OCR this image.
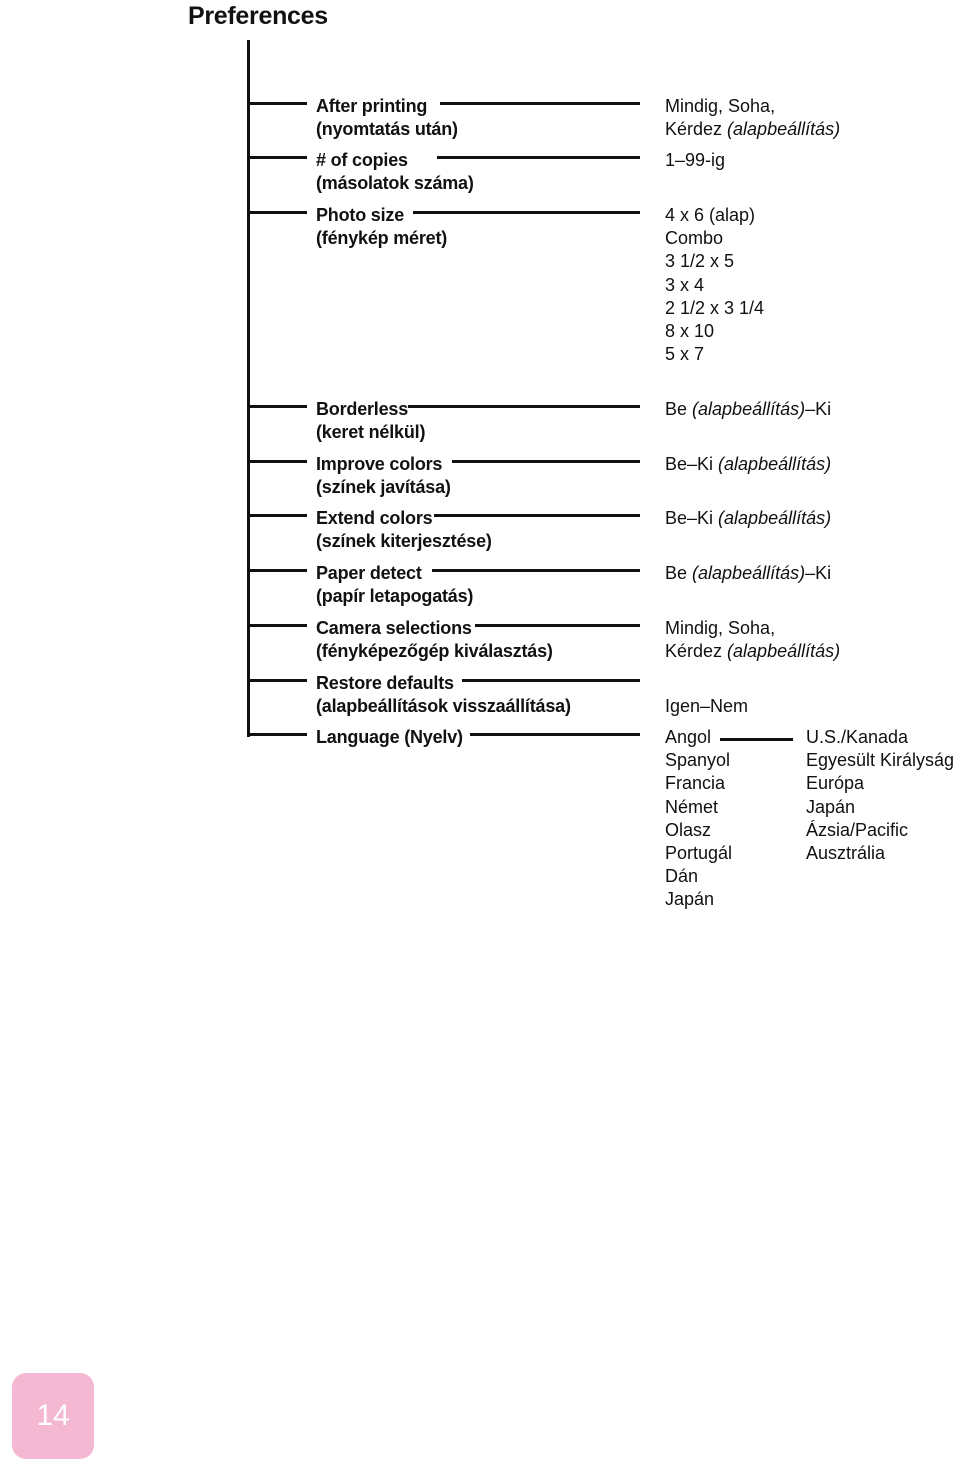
Preferences
After printing
(nyomtatás után)
Mindig, Soha,
Kérdez (alapbeállítás)
# of copies
(másolatok száma)
1–99-ig
Photo size
(fénykép méret)
4 x 6 (alap)
Combo
3 1/2 x 5
3 x 4
2 1/2 x 3 1/4
8 x 10
5 x 7
Borderless
(keret nélkül)
Be (alapbeállítás)–Ki
Improve colors
(színek javítása)
Be–Ki (alapbeállítás)
Extend colors
(színek kiterjesztése)
Be–Ki (alapbeállítás)
Paper detect
(papír letapogatás)
Be (alapbeállítás)–Ki
Camera selections
(fényképezőgép kiválasztás)
Mindig, Soha,
Kérdez (alapbeállítás)
Restore defaults
(alapbeállítások visszaállítása)	Igen–Nem
Language (Nyelv)	Angol
Spanyol
Francia
Német
Olasz
Portugál
Dán
Japán
U.S./Kanada
Egyesült Királyság
Európa
Japán
Ázsia/Pacific
Ausztrália
14
